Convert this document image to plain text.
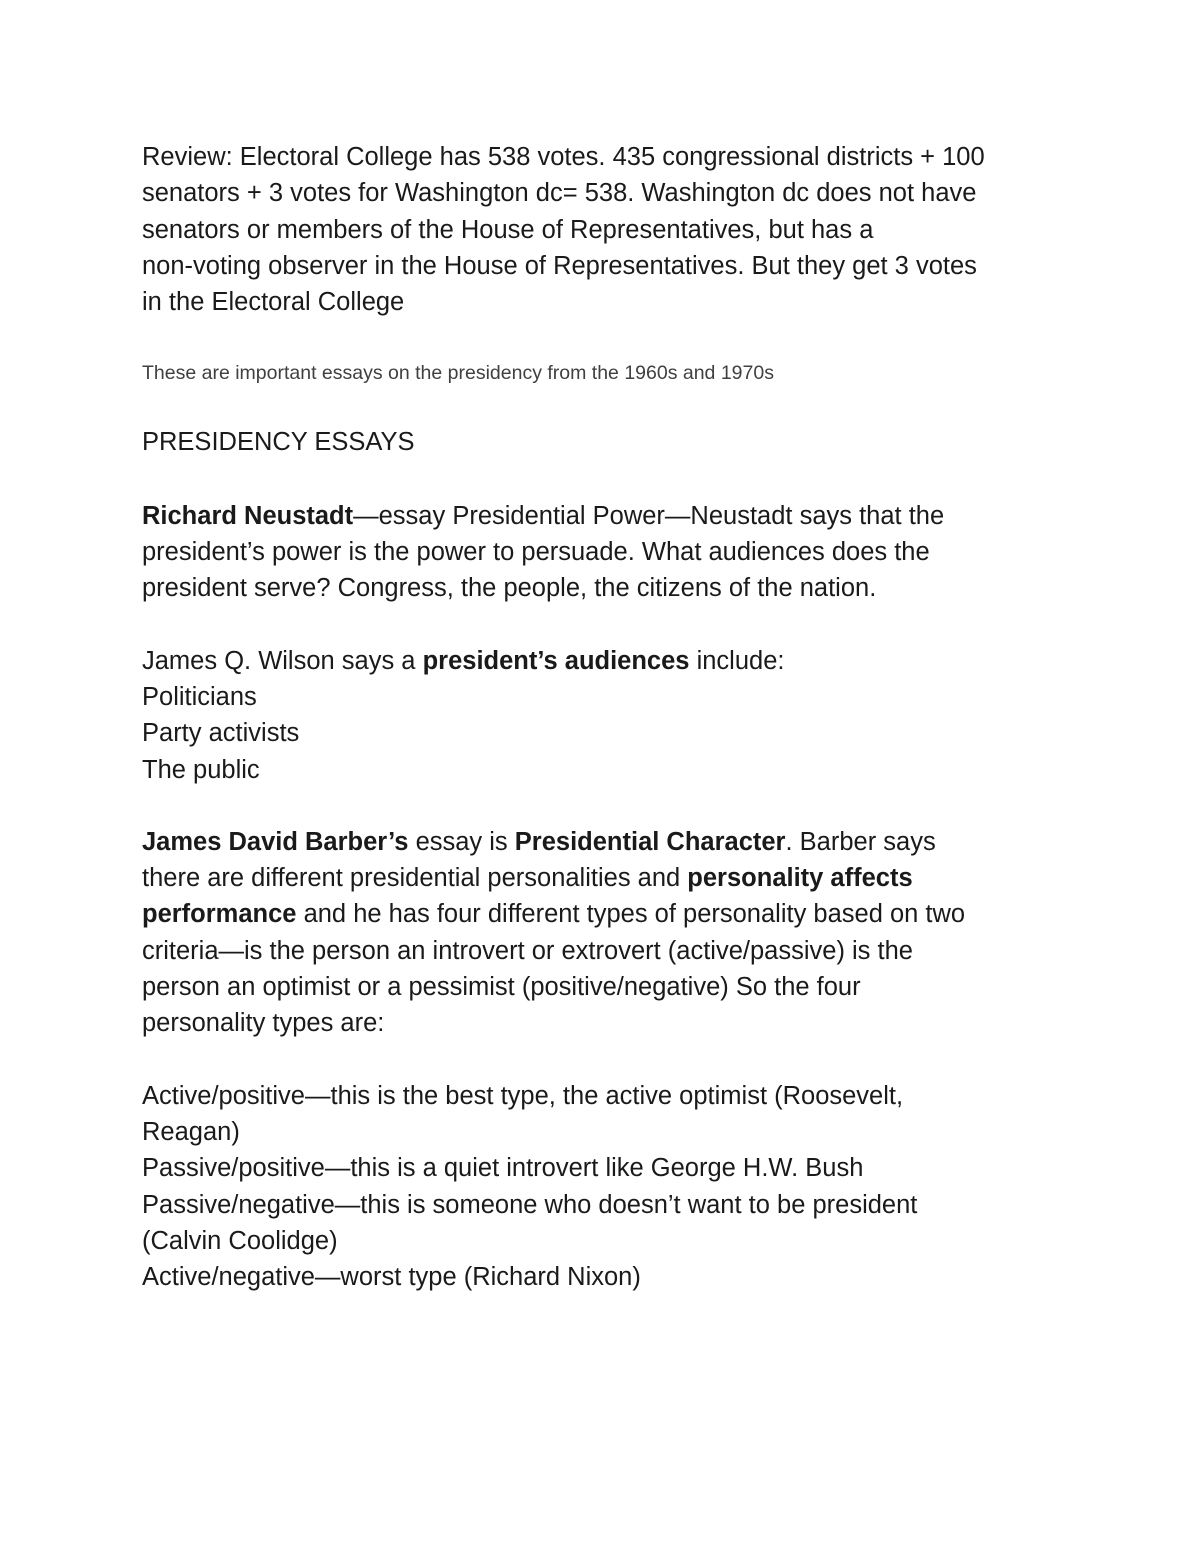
Review: Electoral College has 538 votes. 435 congressional districts + 100
senators + 3 votes for Washington dc= 538. Washington dc does not have
senators or members of the House of Representatives, but has a
non-voting observer in the House of Representatives. But they get 3 votes
in the Electoral College

These are important essays on the presidency from the 1960s and 1970s

PRESIDENCY ESSAYS

Richard Neustadt—essay Presidential Power—Neustadt says that the
president’s power is the power to persuade. What audiences does the
president serve? Congress, the people, the citizens of the nation.

James Q. Wilson says a president’s audiences include:
Politicians
Party activists
The public

James David Barber’s essay is Presidential Character. Barber says
there are different presidential personalities and personality affects
performance and he has four different types of personality based on two
criteria—is the person an introvert or extrovert (active/passive) is the
person an optimist or a pessimist (positive/negative) So the four
personality types are:

Active/positive—this is the best type, the active optimist (Roosevelt,
Reagan)
Passive/positive—this is a quiet introvert like George H.W. Bush
Passive/negative—this is someone who doesn’t want to be president
(Calvin Coolidge)
Active/negative—worst type (Richard Nixon)
